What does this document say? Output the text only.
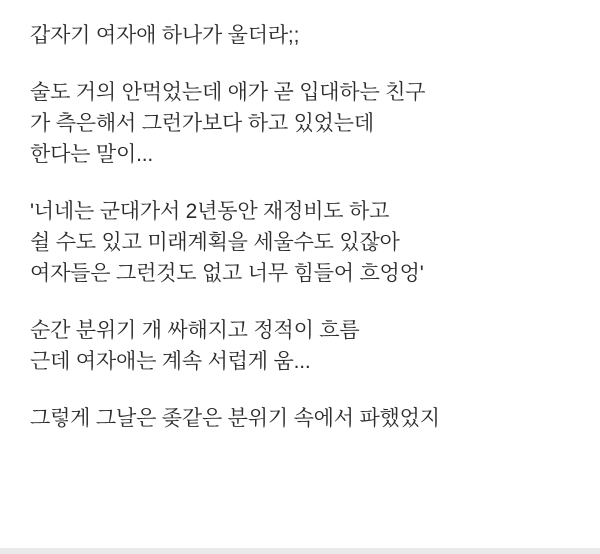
갑자기 여자애 하나가 울더라;;
술도 거의 안먹었는데 애가 곧 입대하는 친구
가 측은해서 그런가보다 하고 있었는데
한다는 말이...
'너네는 군대가서 2년동안 재정비도 하고
쉴 수도 있고 미래계획을 세울수도 있잖아
여자들은 그런것도 없고 너무 힘들어 흐엉엉'
순간 분위기 개 싸해지고 정적이 흐름
근데 여자애는 계속 서럽게 움...
그렇게 그날은 좆같은 분위기 속에서 파했었지
